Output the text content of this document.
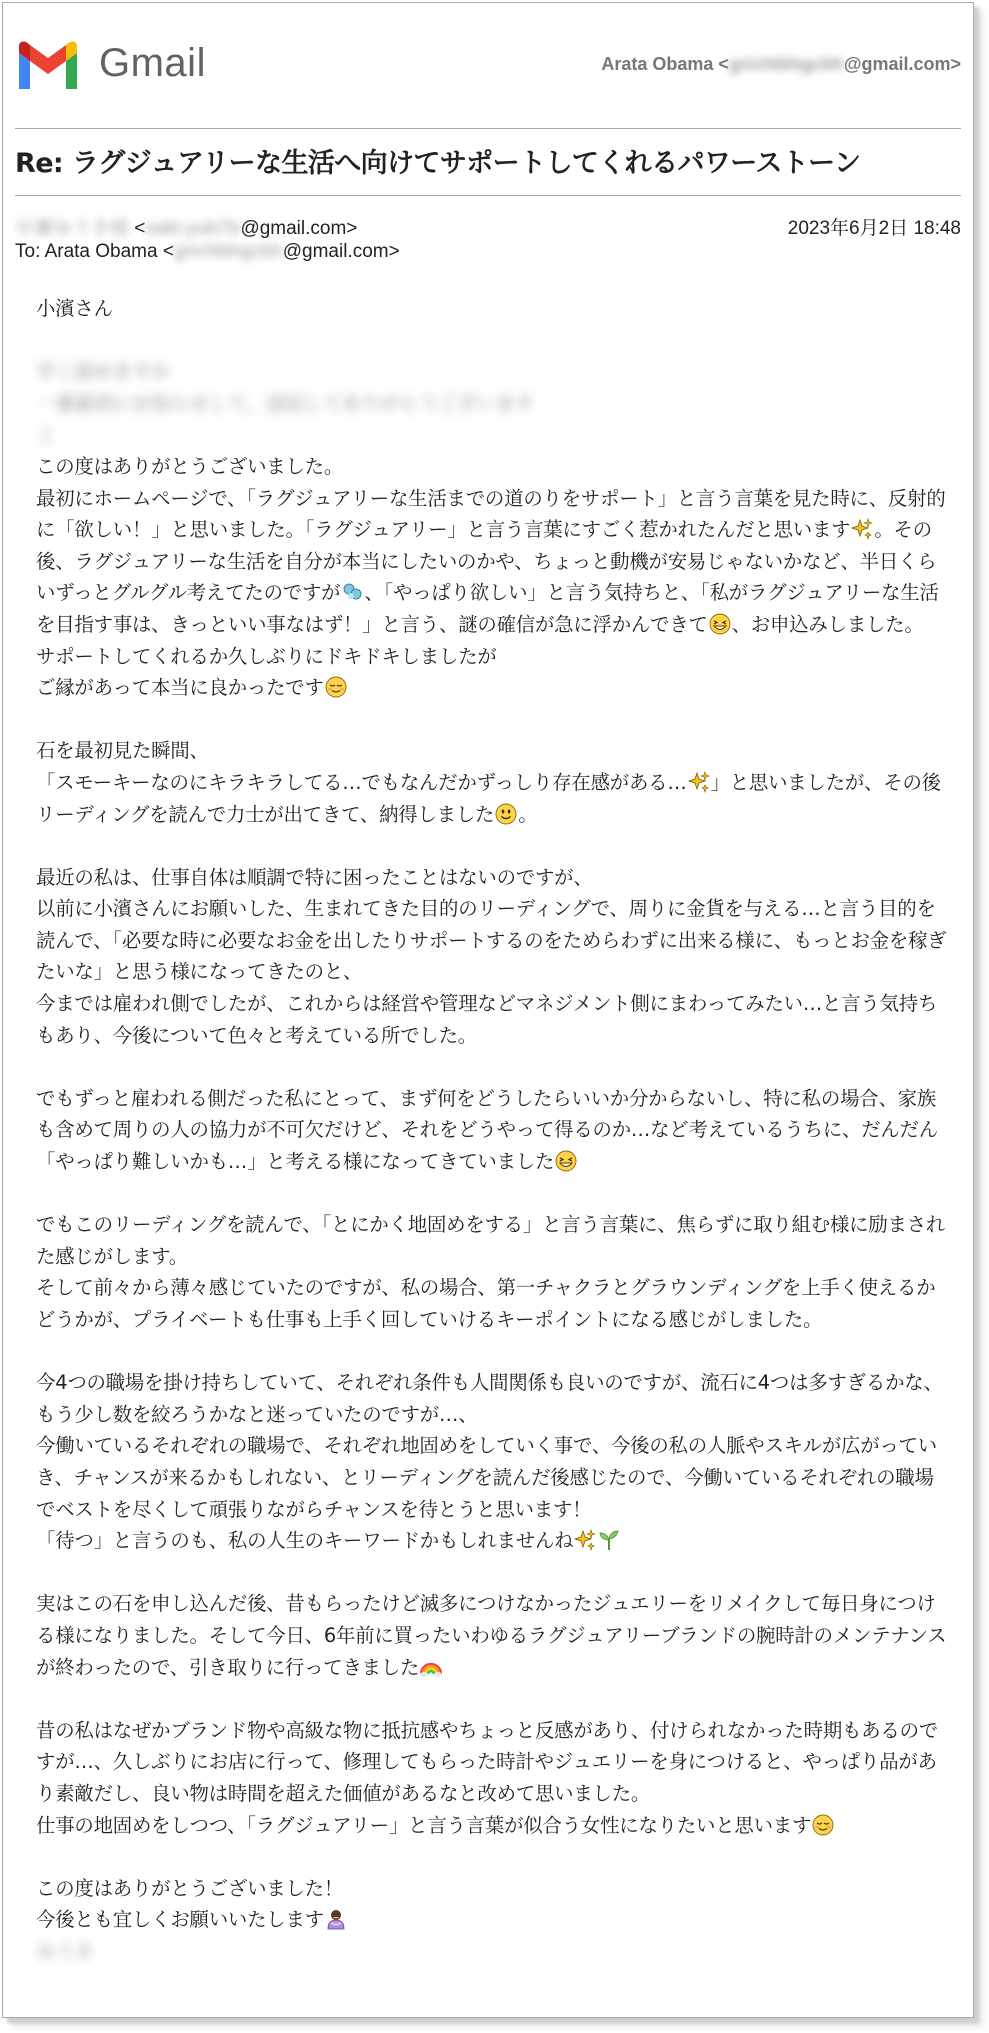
Gmail	Arata Obama <grichtbhgcbh@gmail.com>
Re: ラグジュアリーな生活へ向けてサポートしてくれるパワーストーン
早瀬ゆうき様 <sakt.yuki7b@gmail.com>	2023年6月2日 18:48
To: Arata Obama <grichtbhgcbh@gmail.com>

小濱さん

早く読めますか

一番最初にお知らせして、送信してありがとうございます

こ

この度はありがとうございました。

最初にホームページで、「ラグジュアリーな生活までの道のりをサポート」と言う言葉を見た時に、反射的に「欲しい！」と思いました。「ラグジュアリー」と言う言葉にすごく惹かれたんだと思います 。その後、ラグジュアリーな生活を自分が本当にしたいのかや、ちょっと動機が安易じゃないかなど、半日くらいずっとグルグル考えてたのですが 、「やっぱり欲しい」と言う気持ちと、「私がラグジュアリーな生活を目指す事は、きっといい事なはず！」と言う、謎の確信が急に浮かんできて 、お申込みしました。

サポートしてくれるか久しぶりにドキドキしましたが

ご縁があって本当に良かったです

石を最初見た瞬間、

「スモーキーなのにキラキラしてる…でもなんだかずっしり存在感がある… 」と思いましたが、その後リーディングを読んで力士が出てきて、納得しました 。

最近の私は、仕事自体は順調で特に困ったことはないのですが、

以前に小濱さんにお願いした、生まれてきた目的のリーディングで、周りに金貨を与える…と言う目的を読んで、「必要な時に必要なお金を出したりサポートするのをためらわずに出来る様に、もっとお金を稼ぎたいな」と思う様になってきたのと、

今までは雇われ側でしたが、これからは経営や管理などマネジメント側にまわってみたい…と言う気持ちもあり、今後について色々と考えている所でした。

でもずっと雇われる側だった私にとって、まず何をどうしたらいいか分からないし、特に私の場合、家族も含めて周りの人の協力が不可欠だけど、それをどうやって得るのか…など考えているうちに、だんだん「やっぱり難しいかも…」と考える様になってきていました

でもこのリーディングを読んで、「とにかく地固めをする」と言う言葉に、焦らずに取り組む様に励まされた感じがします。

そして前々から薄々感じていたのですが、私の場合、第一チャクラとグラウンディングを上手く使えるかどうかが、プライベートも仕事も上手く回していけるキーポイントになる感じがしました。

今4つの職場を掛け持ちしていて、それぞれ条件も人間関係も良いのですが、流石に4つは多すぎるかな、もう少し数を絞ろうかなと迷っていたのですが…、

今働いているそれぞれの職場で、それぞれ地固めをしていく事で、今後の私の人脈やスキルが広がっていき、チャンスが来るかもしれない、とリーディングを読んだ後感じたので、今働いているそれぞれの職場でベストを尽くして頑張りながらチャンスを待とうと思います！

「待つ」と言うのも、私の人生のキーワードかもしれませんね

実はこの石を申し込んだ後、昔もらったけど滅多につけなかったジュエリーをリメイクして毎日身につける様になりました。そして今日、6年前に買ったいわゆるラグジュアリーブランドの腕時計のメンテナンスが終わったので、引き取りに行ってきました

昔の私はなぜかブランド物や高級な物に抵抗感やちょっと反感があり、付けられなかった時期もあるのですが…、久しぶりにお店に行って、修理してもらった時計やジュエリーを身につけると、やっぱり品があり素敵だし、良い物は時間を超えた価値があるなと改めて思いました。

仕事の地固めをしつつ、「ラグジュアリー」と言う言葉が似合う女性になりたいと思います

この度はありがとうございました！

今後とも宜しくお願いいたします

ゆうき
